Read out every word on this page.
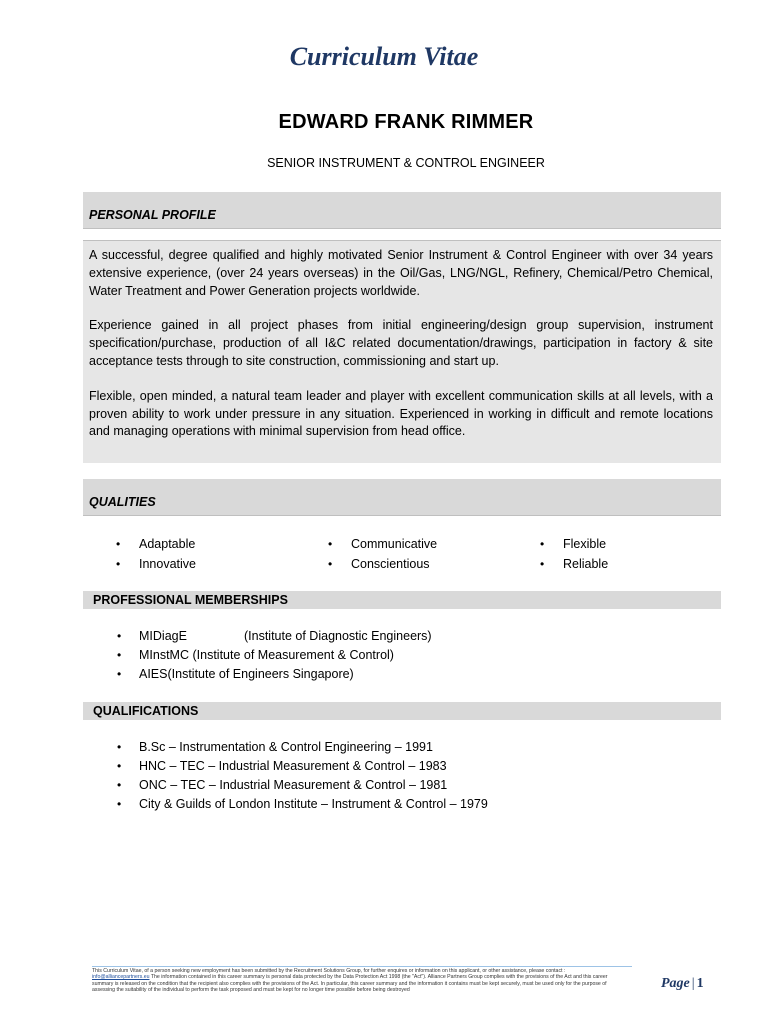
Curriculum Vitae
EDWARD FRANK RIMMER
SENIOR INSTRUMENT & CONTROL ENGINEER
PERSONAL PROFILE

A successful, degree qualified and highly motivated Senior Instrument & Control Engineer with over 34 years extensive experience, (over 24 years overseas) in the Oil/Gas, LNG/NGL, Refinery, Chemical/Petro Chemical, Water Treatment and Power Generation projects worldwide.

Experience gained in all project phases from initial engineering/design group supervision, instrument specification/purchase, production of all I&C related documentation/drawings, participation in factory & site acceptance tests through to site construction, commissioning and start up.

Flexible, open minded, a natural team leader and player with excellent communication skills at all levels, with a proven ability to work under pressure in any situation. Experienced in working in difficult and remote locations and managing operations with minimal supervision from head office.

QUALITIES
•	Adaptable	•	Communicative	•	Flexible
•	Innovative	•	Conscientious	•	Reliable
PROFESSIONAL MEMBERSHIPS
•	MIDiagE	(Institute of Diagnostic Engineers)
•	MInstMC
(Institute of Measurement & Control)
•	AIES (Institute of Engineers Singapore)
QUALIFICATIONS
•	B.Sc – Instrumentation & Control Engineering – 1991
•	HNC – TEC – Industrial Measurement & Control – 1983
•	ONC – TEC – Industrial Measurement & Control – 1981
•	City & Guilds of London Institute – Instrument & Control – 1979
This Curriculum Vitae, of a person seeking new employment has been submitted by the Recruitment Solutions Group, for further enquires or information on this applicant, or other assistance, please contact :
info@alliancepartners.eu The information contained in this career summary is personal data protected by the Data Protection Act 1998 (the "Act"). Alliance Partners Group complies with the provisions of the Act and this career summary is released on the condition that the recipient also complies with the provisions of the Act. In particular, this career summary and the information it contains must be kept securely, must be used only for the purpose of assessing the suitability of the individual to perform the task proposed and must be kept for no longer time possible before being destroyed	Page | 1
